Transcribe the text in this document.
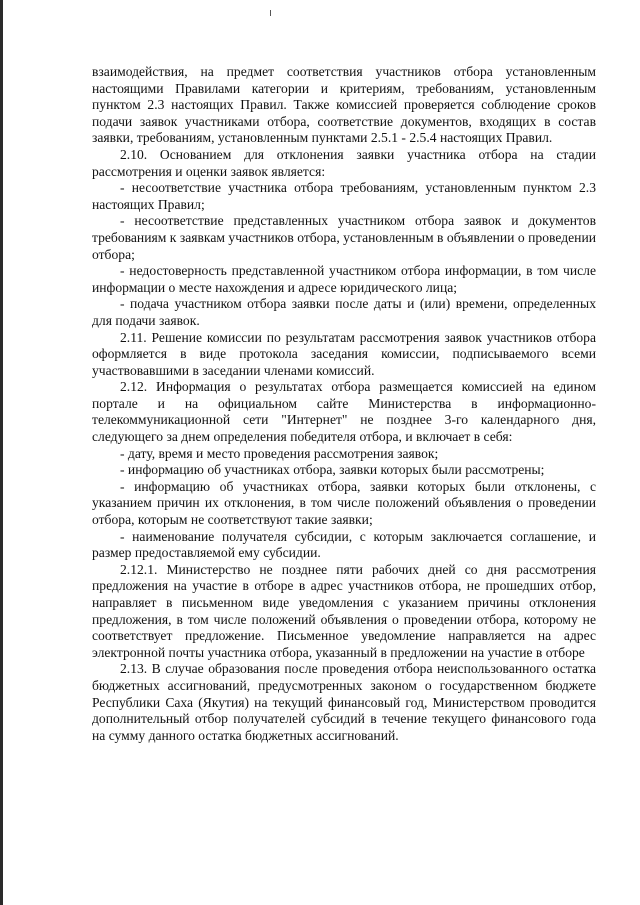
взаимодействия, на предмет соответствия участников отбора установленным настоящими Правилами категории и критериям, требованиям, установленным пунктом 2.3 настоящих Правил. Также комиссией проверяется соблюдение сроков подачи заявок участниками отбора, соответствие документов, входящих в состав заявки, требованиям, установленным пунктами 2.5.1 - 2.5.4 настоящих Правил.

2.10. Основанием для отклонения заявки участника отбора на стадии рассмотрения и оценки заявок является:

- несоответствие участника отбора требованиям, установленным пунктом 2.3 настоящих Правил;

- несоответствие представленных участником отбора заявок и документов требованиям к заявкам участников отбора, установленным в объявлении о проведении отбора;

- недостоверность представленной участником отбора информации, в том числе информации о месте нахождения и адресе юридического лица;

- подача участником отбора заявки после даты и (или) времени, определенных для подачи заявок.

2.11. Решение комиссии по результатам рассмотрения заявок участников отбора оформляется в виде протокола заседания комиссии, подписываемого всеми участвовавшими в заседании членами комиссий.

2.12. Информация о результатах отбора размещается комиссией на едином портале и на официальном сайте Министерства в информационно-телекоммуникационной сети "Интернет" не позднее 3-го календарного дня, следующего за днем определения победителя отбора, и включает в себя:

- дату, время и место проведения рассмотрения заявок;

- информацию об участниках отбора, заявки которых были рассмотрены;

- информацию об участниках отбора, заявки которых были отклонены, с указанием причин их отклонения, в том числе положений объявления о проведении отбора, которым не соответствуют такие заявки;

- наименование получателя субсидии, с которым заключается соглашение, и размер предоставляемой ему субсидии.

2.12.1. Министерство не позднее пяти рабочих дней со дня рассмотрения предложения на участие в отборе в адрес участников отбора, не прошедших отбор, направляет в письменном виде уведомления с указанием причины отклонения предложения, в том числе положений объявления о проведении отбора, которому не соответствует предложение. Письменное уведомление направляется на адрес электронной почты участника отбора, указанный в предложении на участие в отборе

2.13. В случае образования после проведения отбора неиспользованного остатка бюджетных ассигнований, предусмотренных законом о государственном бюджете Республики Саха (Якутия) на текущий финансовый год, Министерством проводится дополнительный отбор получателей субсидий в течение текущего финансового года на сумму данного остатка бюджетных ассигнований.
